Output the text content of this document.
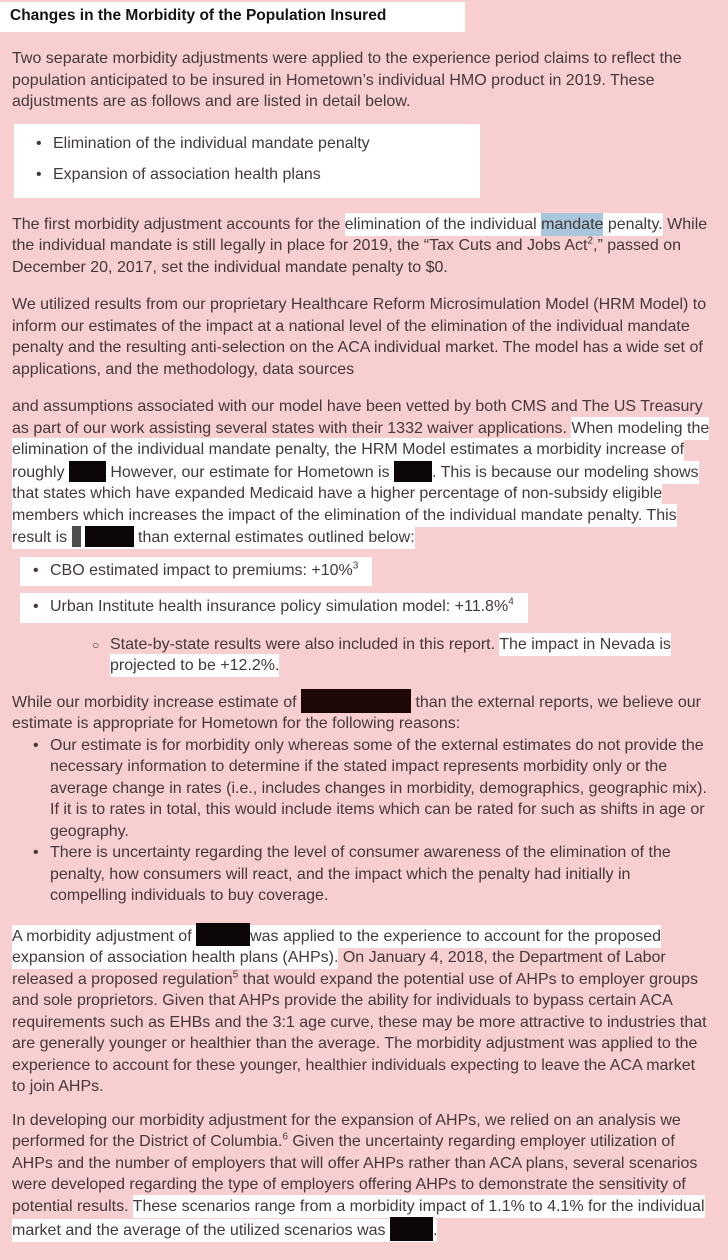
Changes in the Morbidity of the Population Insured

Two separate morbidity adjustments were applied to the experience period claims to reflect the population anticipated to be insured in Hometown’s individual HMO product in 2019. These adjustments are as follows and are listed in detail below.

• Elimination of the individual mandate penalty
• Expansion of association health plans

The first morbidity adjustment accounts for the elimination of the individual mandate penalty. While the individual mandate is still legally in place for 2019, the “Tax Cuts and Jobs Act$^2$,” passed on December 20, 2017, set the individual mandate penalty to $0.

We utilized results from our proprietary Healthcare Reform Microsimulation Model (HRM Model) to inform our estimates of the impact at a national level of the elimination of the individual mandate penalty and the resulting anti-selection on the ACA individual market. The model has a wide set of applications, and the methodology, data sources

and assumptions associated with our model have been vetted by both CMS and The US Treasury as part of our work assisting several states with their 1332 waiver applications. When modeling the elimination of the individual mandate penalty, the HRM Model estimates a morbidity increase of roughly  However, our estimate for Hometown is . This is because our modeling shows that states which have expanded Medicaid have a higher percentage of non-subsidy eligible members which increases the impact of the elimination of the individual mandate penalty. This result is	than external estimates outlined below:

• CBO estimated impact to premiums: +10%$^3$
• Urban Institute health insurance policy simulation model: +11.8%$^4$
○ State-by-state results were also included in this report. The impact in Nevada is projected to be +12.2%.

While our morbidity increase estimate of	than the external reports, we believe our estimate is appropriate for Hometown for the following reasons:

• Our estimate is for morbidity only whereas some of the external estimates do not provide the necessary information to determine if the stated impact represents morbidity only or the average change in rates (i.e., includes changes in morbidity, demographics, geographic mix). If it is to rates in total, this would include items which can be rated for such as shifts in age or geography.
• There is uncertainty regarding the level of consumer awareness of the elimination of the penalty, how consumers will react, and the impact which the penalty had initially in compelling individuals to buy coverage.

A morbidity adjustment of	was applied to the experience to account for the proposed expansion of association health plans (AHPs). On January 4, 2018, the Department of Labor released a proposed regulation$^5$ that would expand the potential use of AHPs to employer groups and sole proprietors. Given that AHPs provide the ability for individuals to bypass certain ACA requirements such as EHBs and the 3:1 age curve, these may be more attractive to industries that are generally younger or healthier than the average. The morbidity adjustment was applied to the experience to account for these younger, healthier individuals expecting to leave the ACA market to join AHPs.

In developing our morbidity adjustment for the expansion of AHPs, we relied on an analysis we performed for the District of Columbia.$^6$ Given the uncertainty regarding employer utilization of AHPs and the number of employers that will offer AHPs rather than ACA plans, several scenarios were developed regarding the type of employers offering AHPs to demonstrate the sensitivity of potential results. These scenarios range from a morbidity impact of 1.1% to 4.1% for the individual market and the average of the utilized scenarios was	.
